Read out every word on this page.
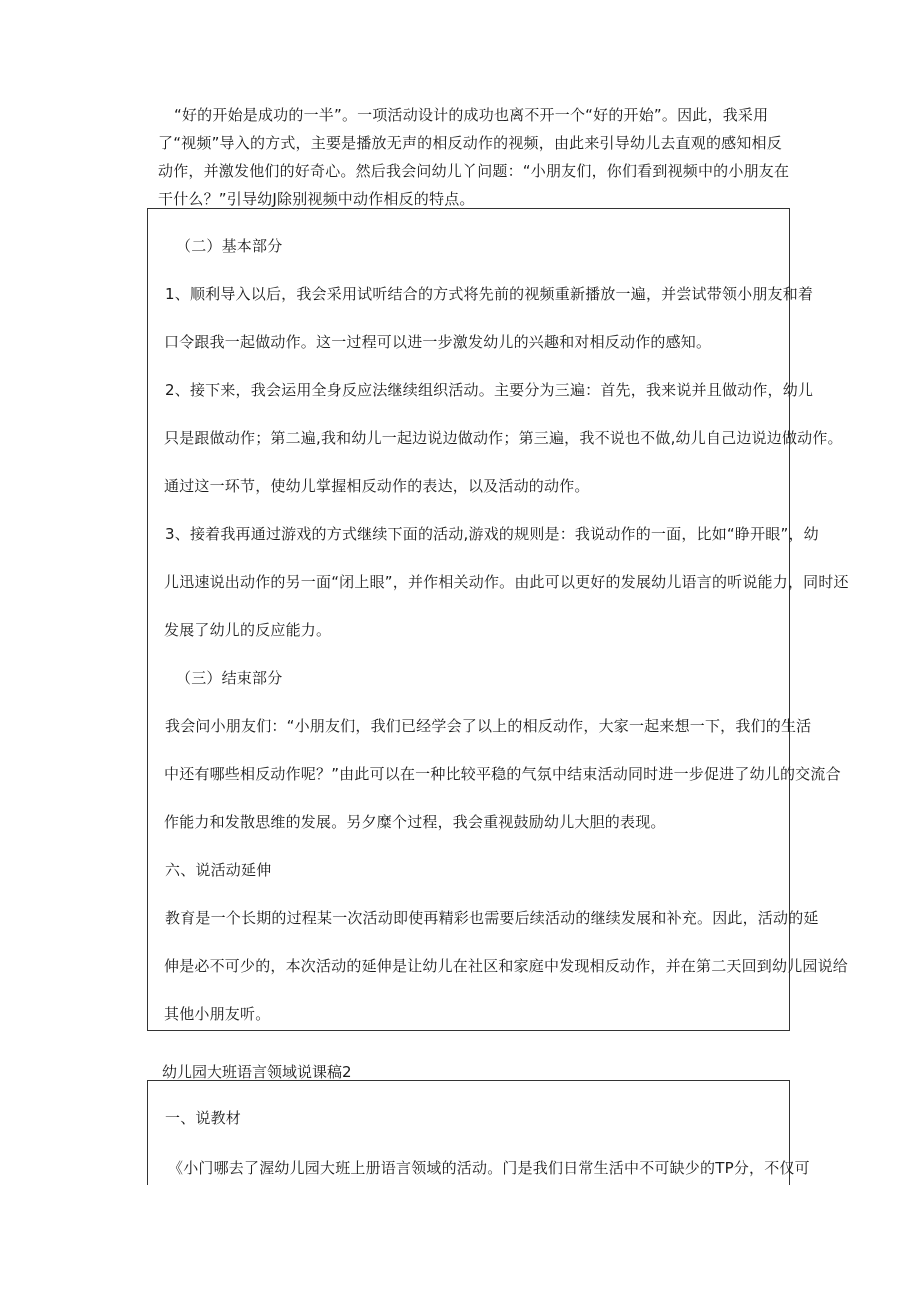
“好的开始是成功的一半”。一项活动设计的成功也离不开一个“好的开始”。因此，我采用了“视频”导入的方式，主要是播放无声的相反动作的视频，由此来引导幼儿去直观的感知相反动作，并激发他们的好奇心。然后我会问幼儿丫问题：“小朋友们，你们看到视频中的小朋友在干什么？”引导幼J除别视频中动作相反的特点。

（二）基本部分
1、顺利导入以后，我会采用试听结合的方式将先前的视频重新播放一遍，并尝试带领小朋友和着
口令跟我一起做动作。这一过程可以进一步激发幼儿的兴趣和对相反动作的感知。
2、接下来，我会运用全身反应法继续组织活动。主要分为三遍：首先，我来说并且做动作，幼儿
只是跟做动作；第二遍,我和幼儿一起边说边做动作；第三遍，我不说也不做,幼儿自己边说边做动作。
通过这一环节，使幼儿掌握相反动作的表达，以及活动的动作。
3、接着我再通过游戏的方式继续下面的活动,游戏的规则是：我说动作的一面，比如“睁开眼”，幼
儿迅速说出动作的另一面“闭上眼”，并作相关动作。由此可以更好的发展幼儿语言的听说能力，同时还
发展了幼儿的反应能力。
（三）结束部分
我会问小朋友们：“小朋友们，我们已经学会了以上的相反动作，大家一起来想一下，我们的生活
中还有哪些相反动作呢？”由此可以在一种比较平稳的气氛中结束活动同时进一步促进了幼儿的交流合
作能力和发散思维的发展。另夕糜个过程，我会重视鼓励幼儿大胆的表现。
六、说活动延伸
教育是一个长期的过程某一次活动即使再精彩也需要后续活动的继续发展和补充。因此，活动的延
伸是必不可少的，本次活动的延伸是让幼儿在社区和家庭中发现相反动作，并在第二天回到幼儿园说给
其他小朋友听。
幼儿园大班语言领域说课稿2
一、说教材
《小门哪去了渥幼儿园大班上册语言领域的活动。门是我们日常生活中不可缺少的TP分，不仅可
